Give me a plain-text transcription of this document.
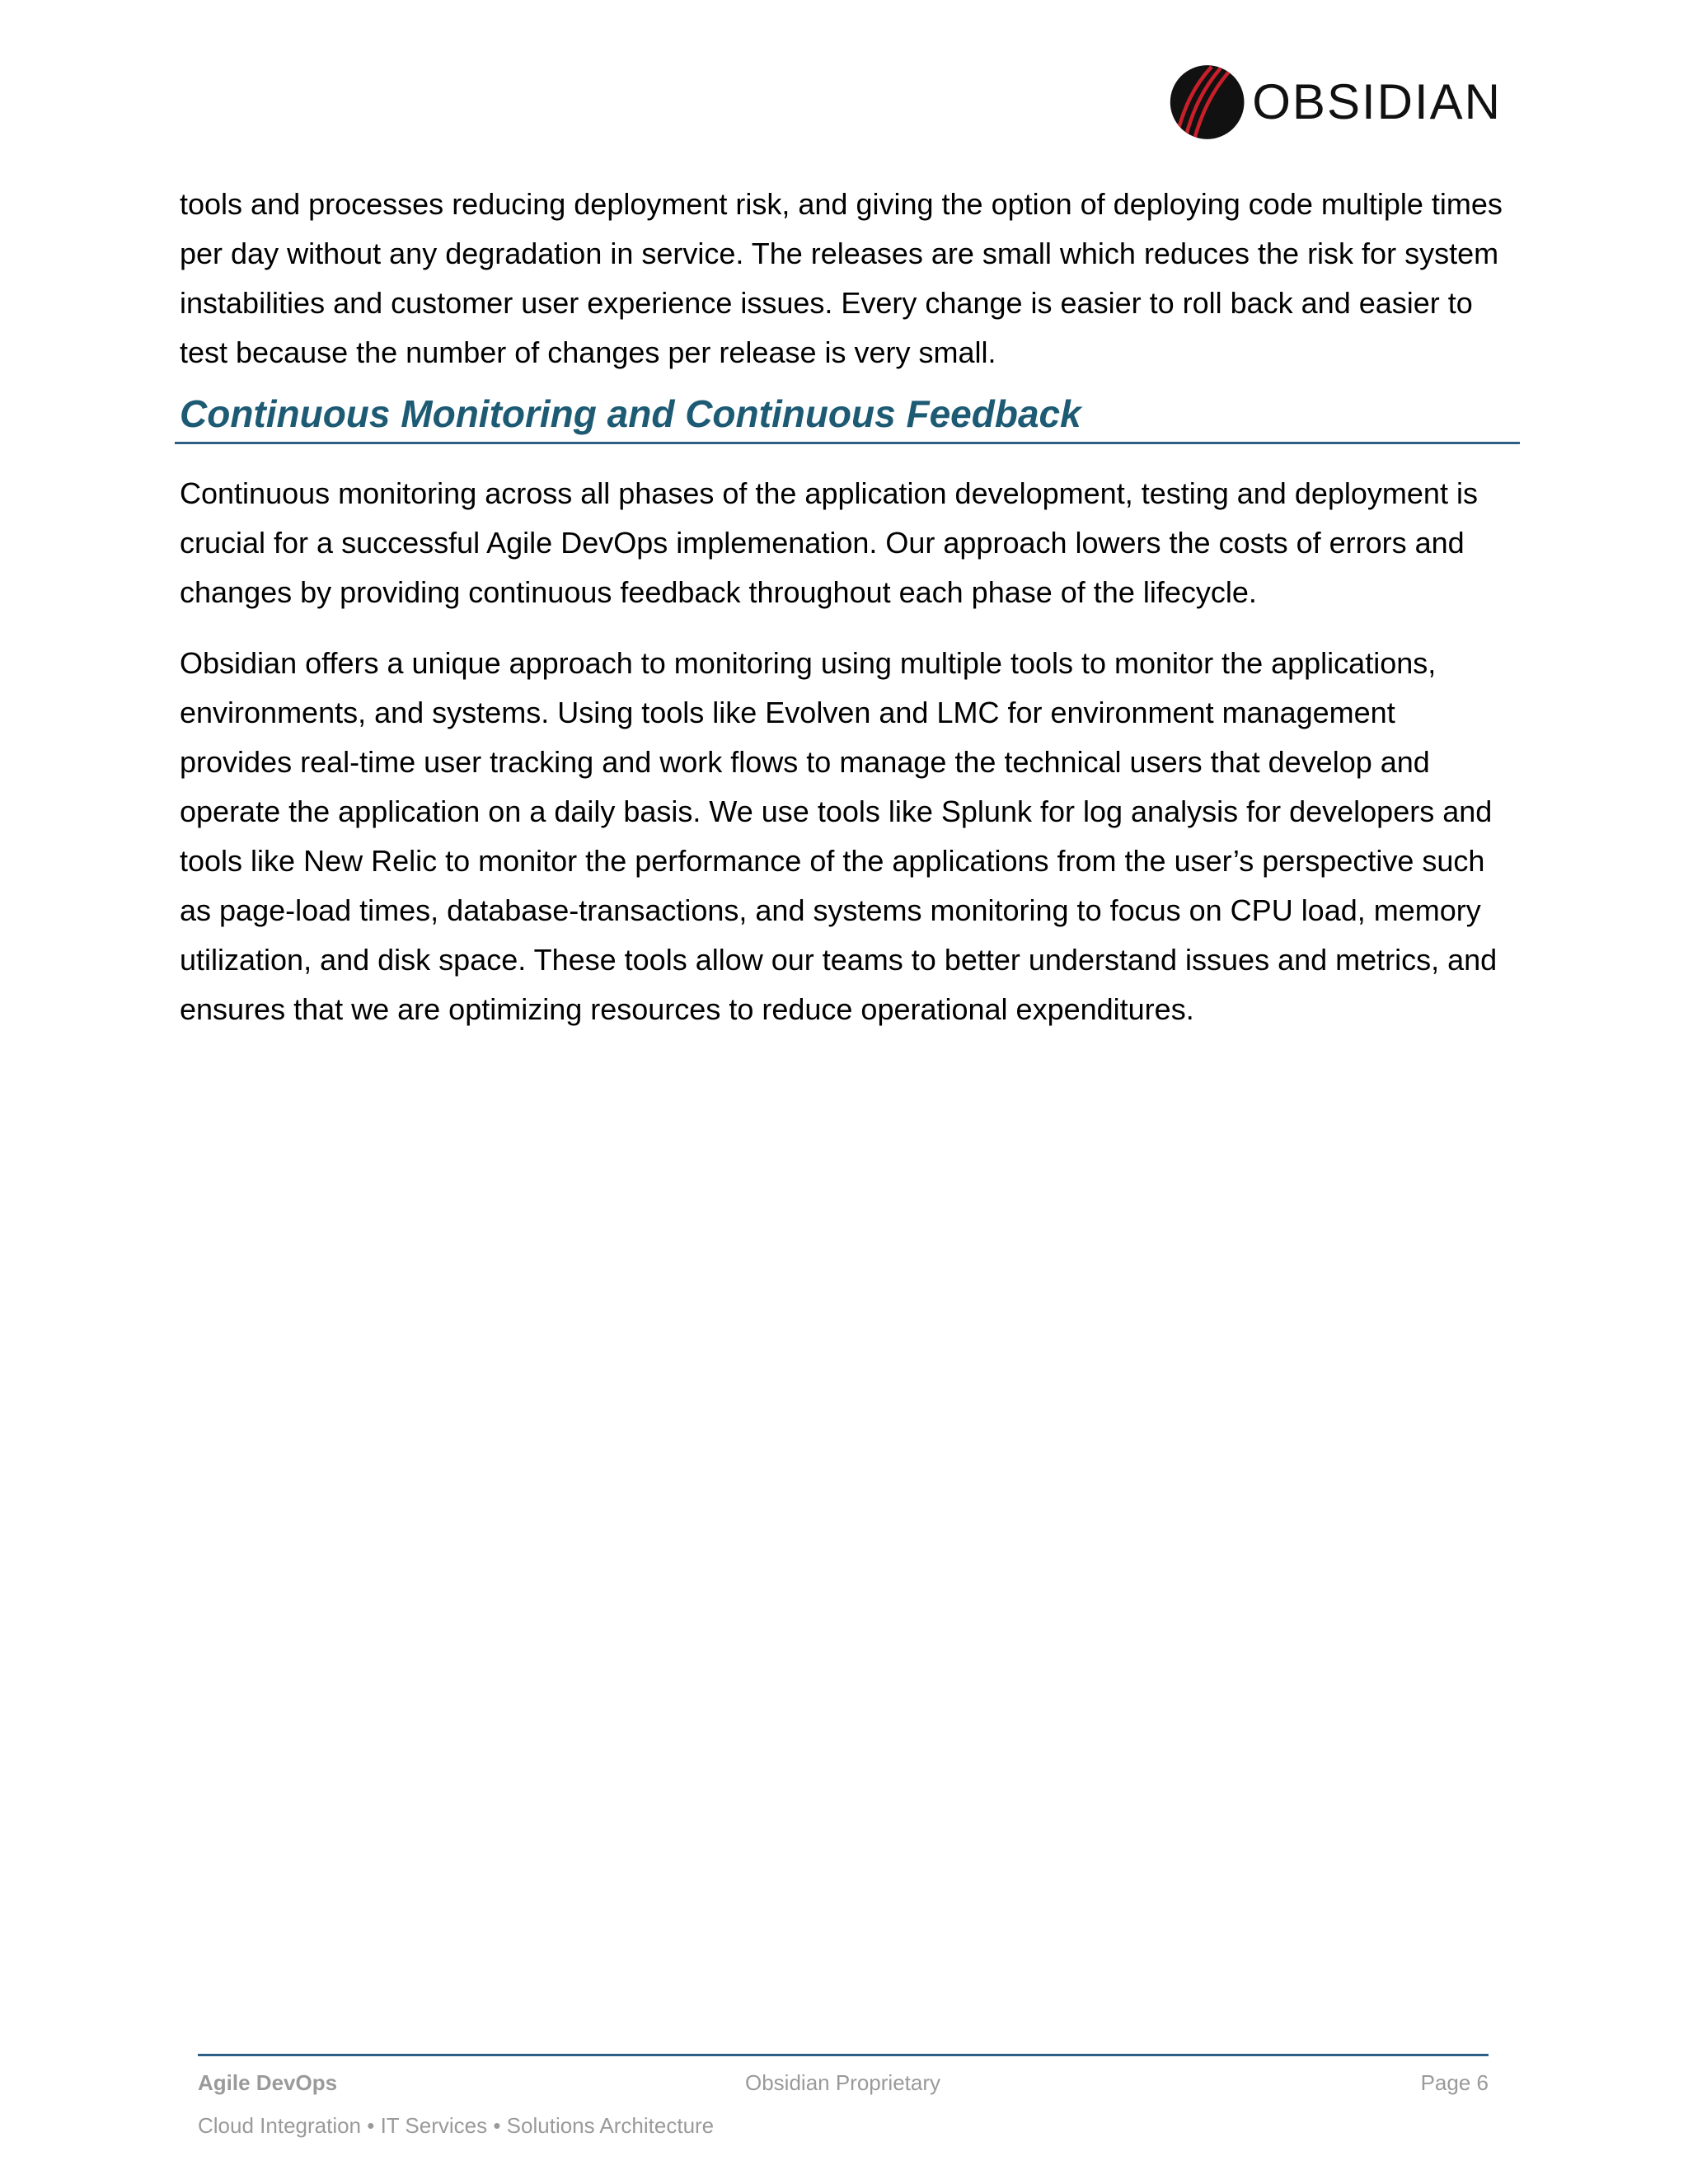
OBSIDIAN

tools and processes reducing deployment risk, and giving the option of deploying code multiple times per day without any degradation in service. The releases are small which reduces the risk for system instabilities and customer user experience issues. Every change is easier to roll back and easier to test because the number of changes per release is very small.

Continuous Monitoring and Continuous Feedback

Continuous monitoring across all phases of the application development, testing and deployment is crucial for a successful Agile DevOps implemenation. Our approach lowers the costs of errors and changes by providing continuous feedback throughout each phase of the lifecycle.

Obsidian offers a unique approach to monitoring using multiple tools to monitor the applications, environments, and systems. Using tools like Evolven and LMC for environment management provides real-time user tracking and work flows to manage the technical users that develop and operate the application on a daily basis. We use tools like Splunk for log analysis for developers and tools like New Relic to monitor the performance of the applications from the user’s perspective such as page-load times, database-transactions, and systems monitoring to focus on CPU load, memory utilization, and disk space. These tools allow our teams to better understand issues and metrics, and ensures that we are optimizing resources to reduce operational expenditures.

Agile DevOps	Obsidian Proprietary	Page 6
Cloud Integration • IT Services • Solutions Architecture
